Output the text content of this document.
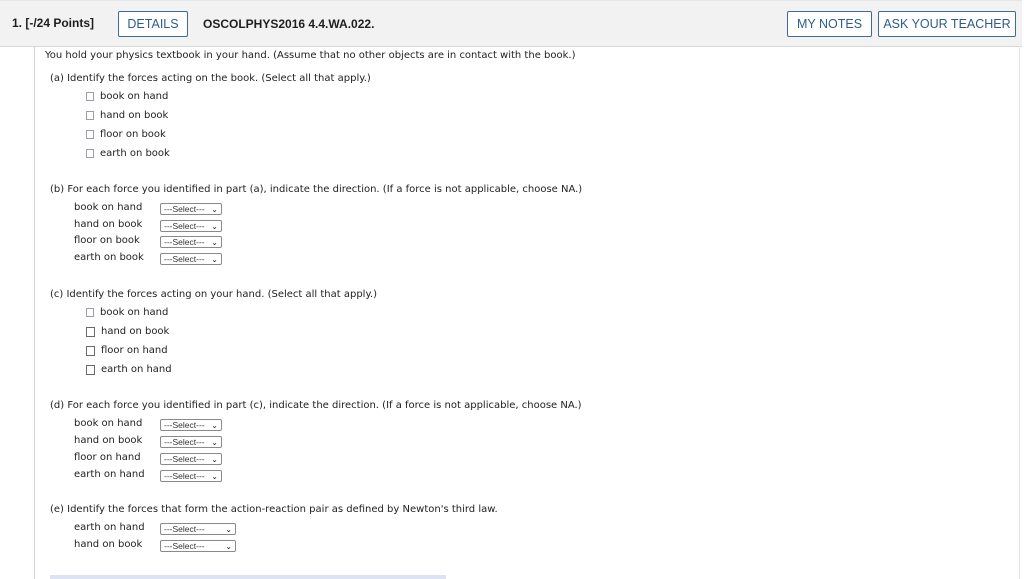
1. [-/24 Points]	DETAILS	OSCOLPHYS2016 4.4.WA.022.	MY NOTES	ASK YOUR TEACHER
You hold your physics textbook in your hand. (Assume that no other objects are in contact with the book.)
(a) Identify the forces acting on the book. (Select all that apply.)
book on hand
hand on book
floor on book
earth on book
(b) For each force you identified in part (a), indicate the direction. (If a force is not applicable, choose NA.)
book on hand	---Select--- ⌄
hand on book	---Select--- ⌄
floor on book	---Select--- ⌄
earth on book ---Select--- ⌄
(c) Identify the forces acting on your hand. (Select all that apply.)
book on hand
hand on book
floor on hand
earth on hand
(d) For each force you identified in part (c), indicate the direction. (If a force is not applicable, choose NA.)
book on hand	---Select--- ⌄
hand on book	---Select--- ⌄
floor on hand	---Select--- ⌄
earth on hand ---Select--- ⌄
(e) Identify the forces that form the action-reaction pair as defined by Newton's third law.
earth on hand ---Select---	⌄
hand on book	---Select---	⌄
